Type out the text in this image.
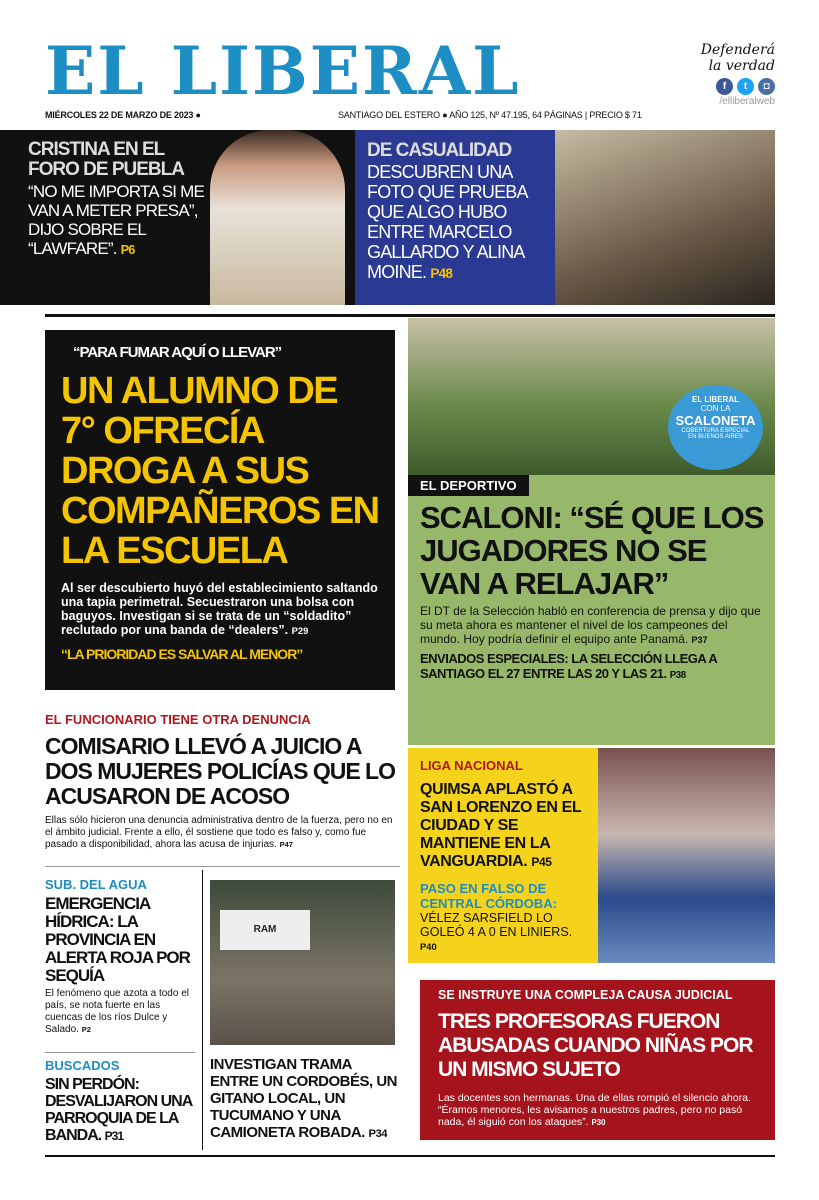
EL LIBERAL	Defenderá
la verdad
f	t	◘
/elliberalweb
MIÉRCOLES 22 DE MARZO DE 2023 ●	SANTIAGO DEL ESTERO ● AÑO 125, Nº 47.195, 64 PÁGINAS | PRECIO $ 71
CRISTINA EN EL FORO DE PUEBLA
“NO ME IMPORTA SI ME VAN A METER PRESA”, DIJO SOBRE EL “LAWFARE”. P6
DE CASUALIDAD
DESCUBREN UNA FOTO QUE PRUEBA QUE ALGO HUBO ENTRE MARCELO GALLARDO Y ALINA MOINE. P48
“PARA FUMAR AQUÍ O LLEVAR”
UN ALUMNO DE 7° OFRECÍA DROGA A SUS COMPAÑEROS EN LA ESCUELA
Al ser descubierto huyó del establecimiento saltando una tapia perimetral. Secuestraron una bolsa con baguyos. Investigan si se trata de un “soldadito” reclutado por una banda de “dealers”. P29
“LA PRIORIDAD ES SALVAR AL MENOR”
EL LIBERAL
CON LA
SCALONETA
COBERTURA ESPECIAL EN BUENOS AIRES
EL DEPORTIVO
SCALONI: “SÉ QUE LOS JUGADORES NO SE VAN A RELAJAR”
El DT de la Selección habló en conferencia de prensa y dijo que su meta ahora es mantener el nivel de los campeones del mundo. Hoy podría definir el equipo ante Panamá. P37
ENVIADOS ESPECIALES: LA SELECCIÓN LLEGA A SANTIAGO EL 27 ENTRE LAS 20 Y LAS 21. P38
EL FUNCIONARIO TIENE OTRA DENUNCIA
COMISARIO LLEVÓ A JUICIO A DOS MUJERES POLICÍAS QUE LO ACUSARON DE ACOSO
Ellas sólo hicieron una denuncia administrativa dentro de la fuerza, pero no en el ámbito judicial. Frente a ello, él sostiene que todo es falso y, como fue pasado a disponibilidad, ahora las acusa de injurias. P47
SUB. DEL AGUA
EMERGENCIA HÍDRICA: LA PROVINCIA EN ALERTA ROJA POR SEQUÍA
El fenómeno que azota a todo el país, se nota fuerte en las cuencas de los ríos Dulce y Salado. P2
BUSCADOS
SIN PERDÓN: DESVALIJARON UNA PARROQUIA DE LA BANDA. P31
RAM
INVESTIGAN TRAMA ENTRE UN CORDOBÉS, UN GITANO LOCAL, UN TUCUMANO Y UNA CAMIONETA ROBADA. P34
LIGA NACIONAL
QUIMSA APLASTÓ A SAN LORENZO EN EL CIUDAD Y SE MANTIENE EN LA VANGUARDIA. P45
PASO EN FALSO DE CENTRAL CÓRDOBA:
VÉLEZ SARSFIELD LO GOLEÓ 4 A 0 EN LINIERS. P40
SE INSTRUYE UNA COMPLEJA CAUSA JUDICIAL
TRES PROFESORAS FUERON ABUSADAS CUANDO NIÑAS POR UN MISMO SUJETO
Las docentes son hermanas. Una de ellas rompió el silencio ahora. “Éramos menores, les avisamos a nuestros padres, pero no pasó nada, él siguió con los ataques”. P30
